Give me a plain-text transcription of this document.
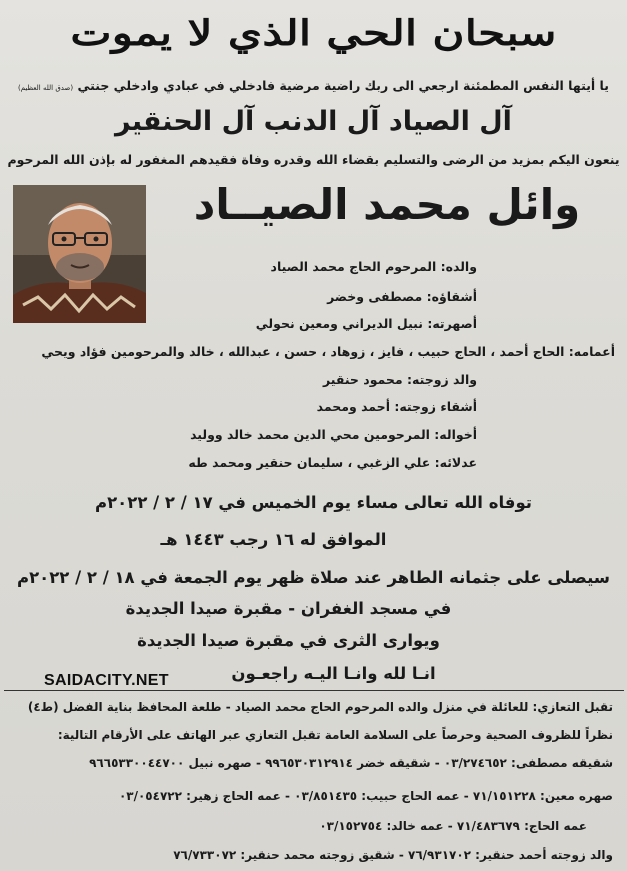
سبحان الحي الذي لا يموت
يا أيتها النفس المطمئنة ارجعي الى ربك راضية مرضية فادخلي في عبادي وادخلي جنتي (صدق الله العظيم)
آل الصياد آل الدنب آل الحنقير
ينعون اليكم بمزيد من الرضى والتسليم بقضاء الله وقدره وفاة فقيدهم المغفور له بإذن الله المرحوم
وائل محمد الصيــاد
والده: المرحوم الحاج محمد الصياد
أشقاؤه: مصطفى وخضر
أصهرته: نبيل الديراني ومعين نحولي
أعمامه: الحاج أحمد ، الحاج حبيب ، فايز ، زوهاد ، حسن ، عبدالله ، خالد والمرحومين فؤاد ويحي
والد زوجته: محمود حنقير
أشقاء زوجته: أحمد ومحمد
أخواله: المرحومين محي الدين محمد خالد ووليد
عدلائه: علي الزغبي ، سليمان حنقير ومحمد طه
توفاه الله تعالى مساء يوم الخميس في ١٧ / ٢ / ٢٠٢٢م
الموافق له ١٦ رجب ١٤٤٣ هـ
سيصلى على جثمانه الطاهر عند صلاة ظهر يوم الجمعة في ١٨ / ٢ / ٢٠٢٢م
في مسجد الغفران - مقبرة صيدا الجديدة
ويوارى الثرى في مقبرة صيدا الجديدة
انـا لله وانـا اليـه راجعـون
SAIDACITY.NET
تقبل التعازي: للعائلة في منزل والده المرحوم الحاج محمد الصياد - طلعة المحافظ بناية الفضل (ط٤)
نظراً للظروف الصحية وحرصاً على السلامة العامة تقبل التعازي عبر الهاتف على الأرقام التالية:
شقيقه مصطفى: ٠٣/٢٧٤٦٥٢ - شقيقه خضر ٩٩٦٥٣٠٣١٢٩١٤ - صهره نبيل ٩٦٦٥٣٣٠٠٤٤٧٠٠
صهره معين: ٧١/١٥١٢٢٨ - عمه الحاج حبيب: ٠٣/٨٥١٤٣٥ - عمه الحاج زهير: ٠٣/٠٥٤٧٢٢
عمه الحاج: ٧١/٤٨٣٦٧٩ - عمه خالد: ٠٣/١٥٢٧٥٤
والد زوجته أحمد حنقير: ٧٦/٩٣١٧٠٢ - شقيق زوجته محمد حنقير: ٧٦/٧٣٣٠٧٢
